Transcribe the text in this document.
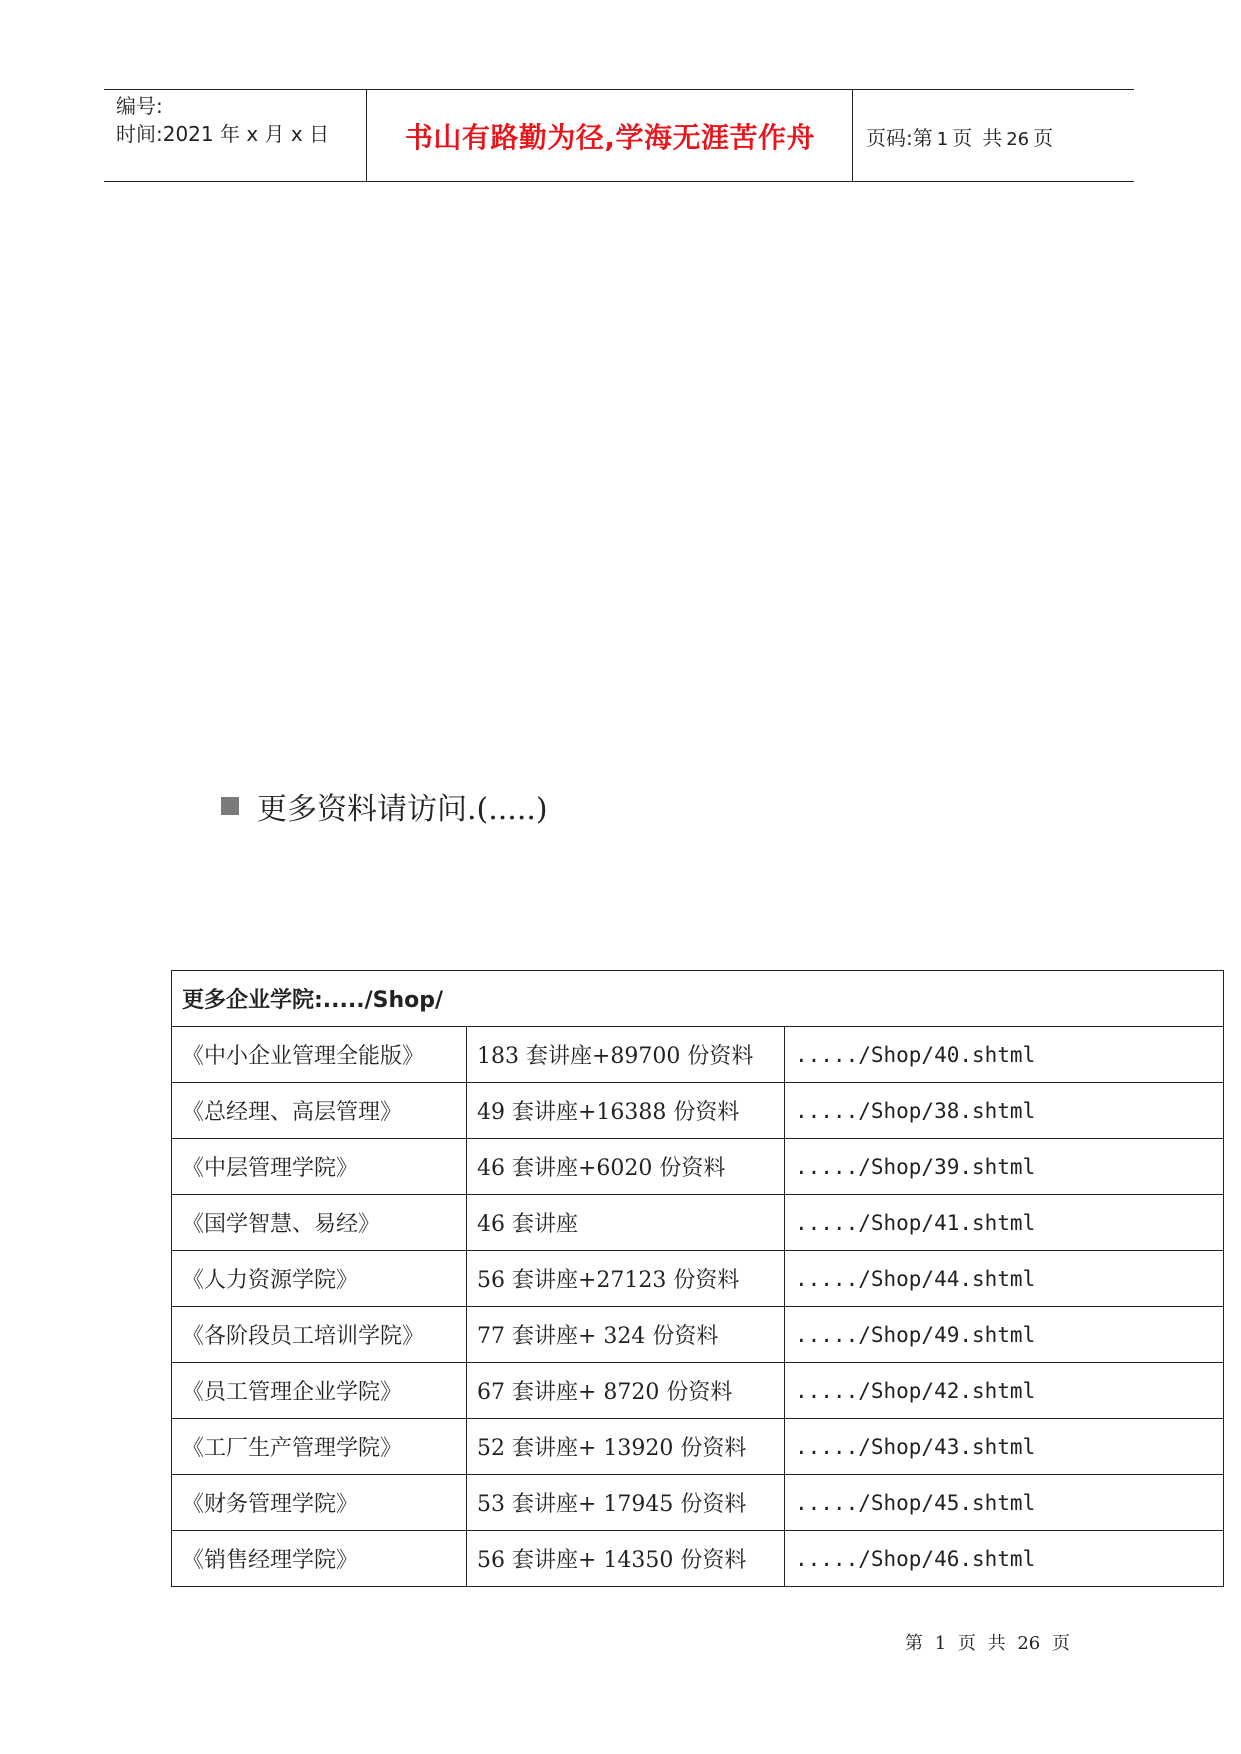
编号:
时间:2021 年 x 月 x 日	书山有路勤为径,学海无涯苦作舟	页码:第 1 页 共 26 页
更多资料请访问.(.....)
更多企业学院:...../Shop/		
《中小企业管理全能版》	183 套讲座+89700 份资料	...../Shop/40.shtml
《总经理、高层管理》	49 套讲座+16388 份资料	...../Shop/38.shtml
《中层管理学院》	46 套讲座+6020 份资料	...../Shop/39.shtml
《国学智慧、易经》	46 套讲座	...../Shop/41.shtml
《人力资源学院》	56 套讲座+27123 份资料	...../Shop/44.shtml
《各阶段员工培训学院》	77 套讲座+ 324 份资料	...../Shop/49.shtml
《员工管理企业学院》	67 套讲座+ 8720 份资料	...../Shop/42.shtml
《工厂生产管理学院》	52 套讲座+ 13920 份资料	...../Shop/43.shtml
《财务管理学院》	53 套讲座+ 17945 份资料	...../Shop/45.shtml
《销售经理学院》	56 套讲座+ 14350 份资料	...../Shop/46.shtml
第 1 页 共 26 页
